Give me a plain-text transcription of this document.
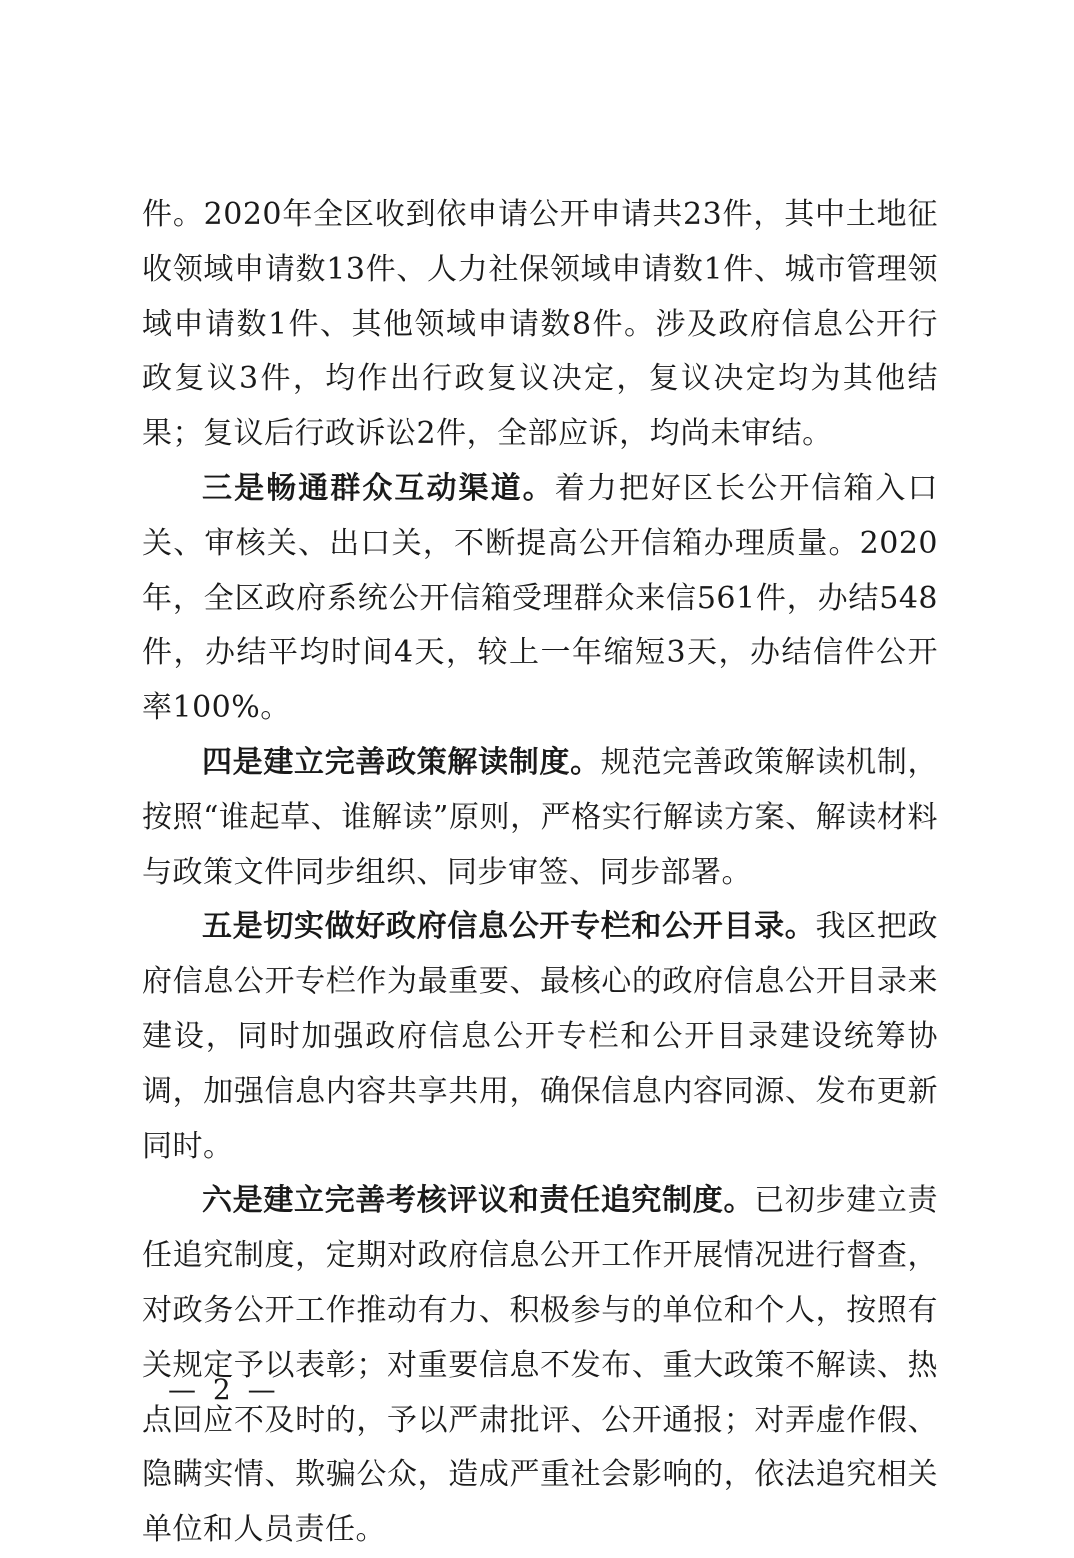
件。2020年全区收到依申请公开申请共23件，其中土地征收领域申请数13件、人力社保领域申请数1件、城市管理领域申请数1件、其他领域申请数8件。涉及政府信息公开行政复议3件，均作出行政复议决定，复议决定均为其他结果；复议后行政诉讼2件，全部应诉，均尚未审结。

三是畅通群众互动渠道。着力把好区长公开信箱入口关、审核关、出口关，不断提高公开信箱办理质量。2020年，全区政府系统公开信箱受理群众来信561件，办结548件，办结平均时间4天，较上一年缩短3天，办结信件公开率100%。

四是建立完善政策解读制度。规范完善政策解读机制，按照“谁起草、谁解读”原则，严格实行解读方案、解读材料与政策文件同步组织、同步审签、同步部署。

五是切实做好政府信息公开专栏和公开目录。我区把政府信息公开专栏作为最重要、最核心的政府信息公开目录来建设，同时加强政府信息公开专栏和公开目录建设统筹协调，加强信息内容共享共用，确保信息内容同源、发布更新同时。

六是建立完善考核评议和责任追究制度。已初步建立责任追究制度，定期对政府信息公开工作开展情况进行督查，对政务公开工作推动有力、积极参与的单位和个人，按照有关规定予以表彰；对重要信息不发布、重大政策不解读、热点回应不及时的，予以严肃批评、公开通报；对弄虚作假、隐瞒实情、欺骗公众，造成严重社会影响的，依法追究相关单位和人员责任。

— 2 —
